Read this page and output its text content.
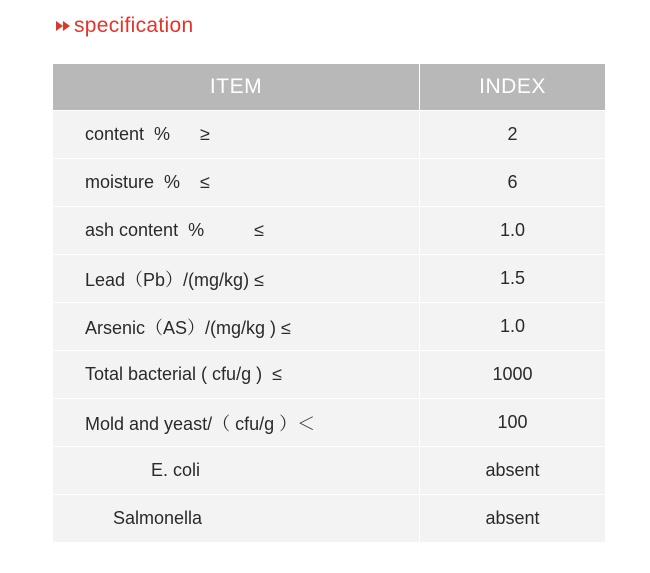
specification
ITEM	INDEX
content  %      ≥	2
moisture  %    ≤	6
ash content  %          ≤	1.0
Lead（Pb）/(mg/kg) ≤	1.5
Arsenic（AS）/(mg/kg ) ≤	1.0
Total bacterial ( cfu/g )  ≤	1000
Mold and yeast/（ cfu/g ）＜	100
E. coli	absent
Salmonella	absent
